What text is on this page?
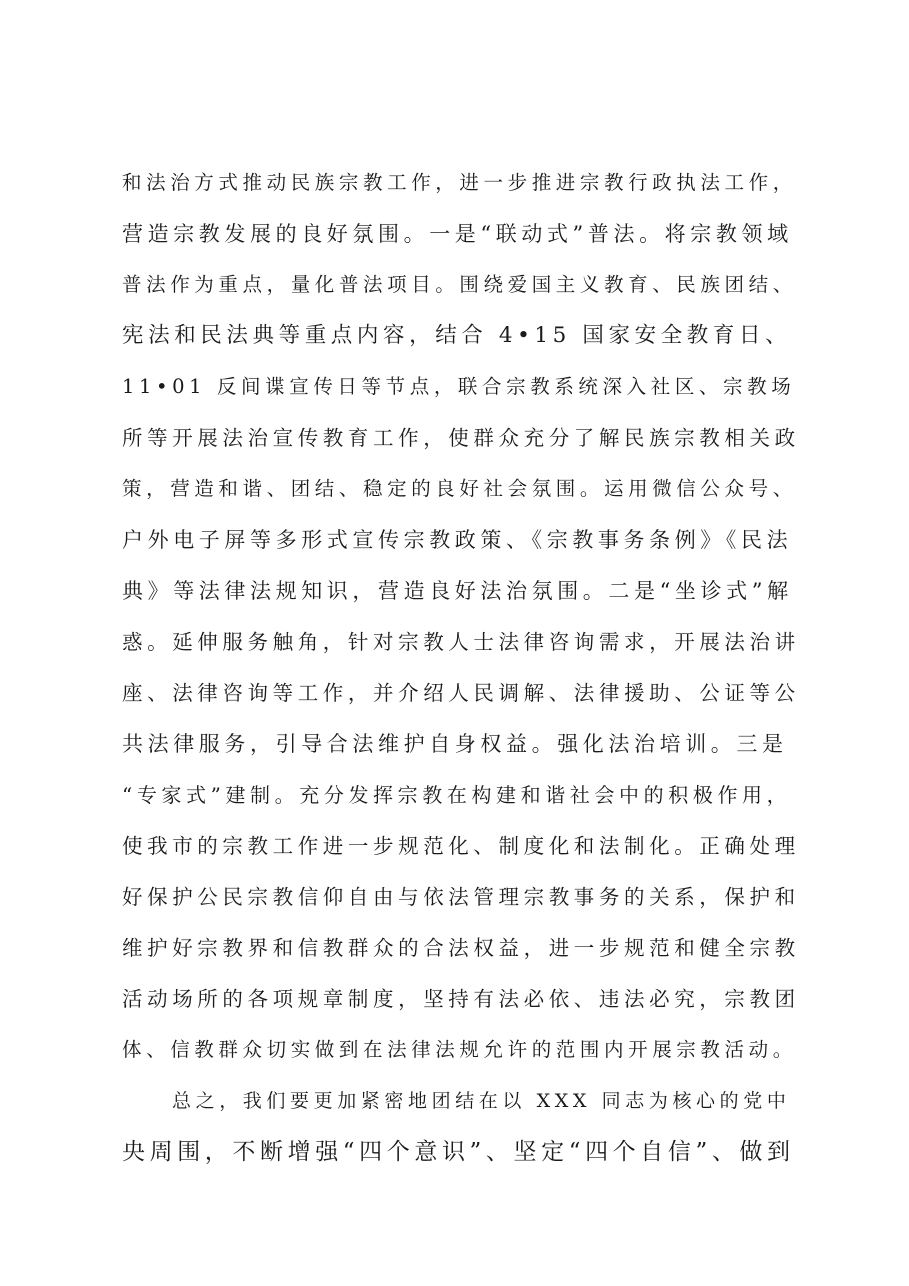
和法治方式推动民族宗教工作，进一步推进宗教行政执法工作，
营造宗教发展的良好氛围。一是“联动式”普法。将宗教领域
普法作为重点，量化普法项目。围绕爱国主义教育、民族团结、
宪法和民法典等重点内容，结合 4•15 国家安全教育日、
11•01 反间谍宣传日等节点，联合宗教系统深入社区、宗教场
所等开展法治宣传教育工作，使群众充分了解民族宗教相关政
策，营造和谐、团结、稳定的良好社会氛围。运用微信公众号、
户外电子屏等多形式宣传宗教政策、《宗教事务条例》《民法
典》等法律法规知识，营造良好法治氛围。二是“坐诊式”解
惑。延伸服务触角，针对宗教人士法律咨询需求，开展法治讲
座、法律咨询等工作，并介绍人民调解、法律援助、公证等公
共法律服务，引导合法维护自身权益。强化法治培训。三是
“专家式”建制。充分发挥宗教在构建和谐社会中的积极作用，
使我市的宗教工作进一步规范化、制度化和法制化。正确处理
好保护公民宗教信仰自由与依法管理宗教事务的关系，保护和
维护好宗教界和信教群众的合法权益，进一步规范和健全宗教
活动场所的各项规章制度，坚持有法必依、违法必究，宗教团
体、信教群众切实做到在法律法规允许的范围内开展宗教活动。
总之，我们要更加紧密地团结在以 XXX 同志为核心的党中
央周围，不断增强“四个意识”、坚定“四个自信”、做到
